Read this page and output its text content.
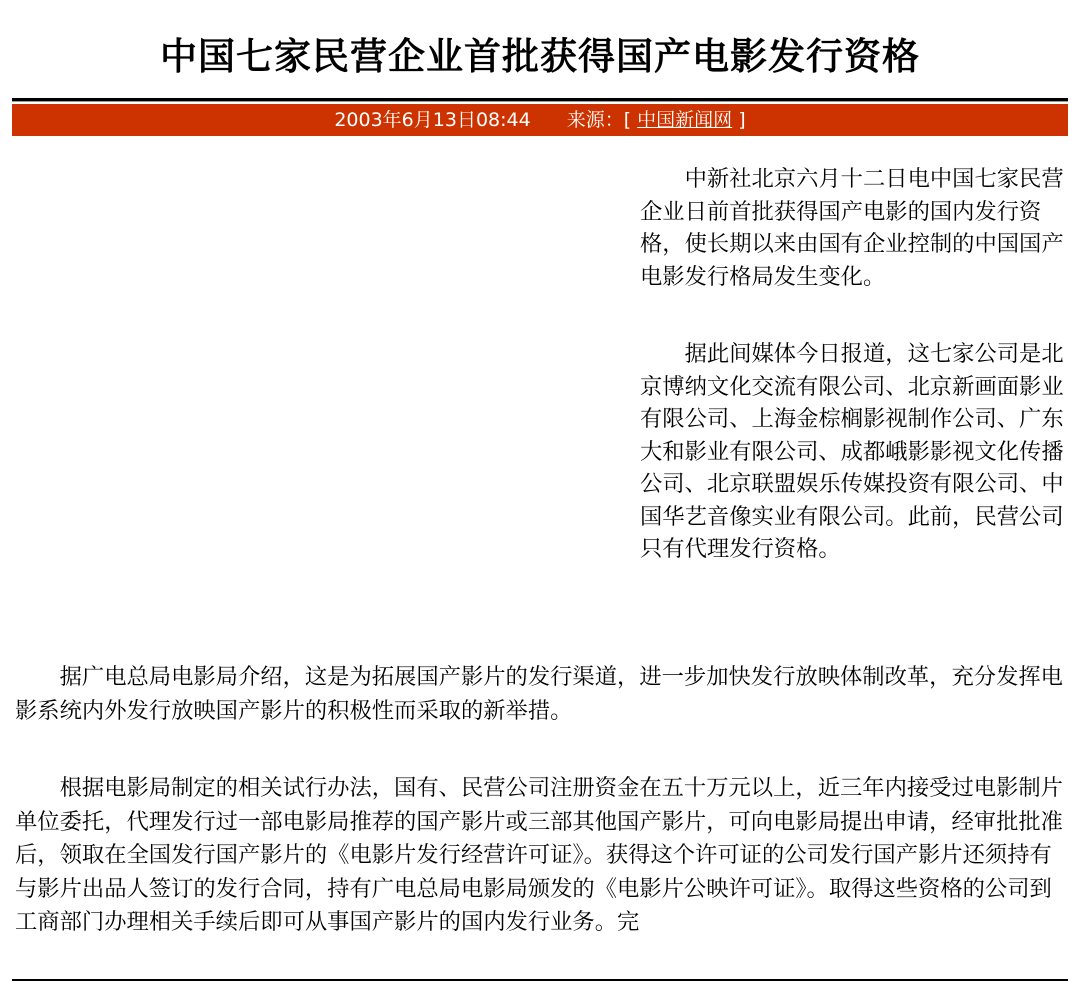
中国七家民营企业首批获得国产电影发行资格
2003年6月13日08:44 来源：[ 中国新闻网 ]

中新社北京六月十二日电中国七家民营企业日前首批获得国产电影的国内发行资格，使长期以来由国有企业控制的中国国产电影发行格局发生变化。

据此间媒体今日报道，这七家公司是北京博纳文化交流有限公司、北京新画面影业有限公司、上海金棕榈影视制作公司、广东大和影业有限公司、成都峨影影视文化传播公司、北京联盟娱乐传媒投资有限公司、中国华艺音像实业有限公司。此前，民营公司只有代理发行资格。

据广电总局电影局介绍，这是为拓展国产影片的发行渠道，进一步加快发行放映体制改革，充分发挥电影系统内外发行放映国产影片的积极性而采取的新举措。

根据电影局制定的相关试行办法，国有、民营公司注册资金在五十万元以上，近三年内接受过电影制片单位委托，代理发行过一部电影局推荐的国产影片或三部其他国产影片，可向电影局提出申请，经审批批准后，领取在全国发行国产影片的《电影片发行经营许可证》。获得这个许可证的公司发行国产影片还须持有与影片出品人签订的发行合同，持有广电总局电影局颁发的《电影片公映许可证》。取得这些资格的公司到工商部门办理相关手续后即可从事国产影片的国内发行业务。完
